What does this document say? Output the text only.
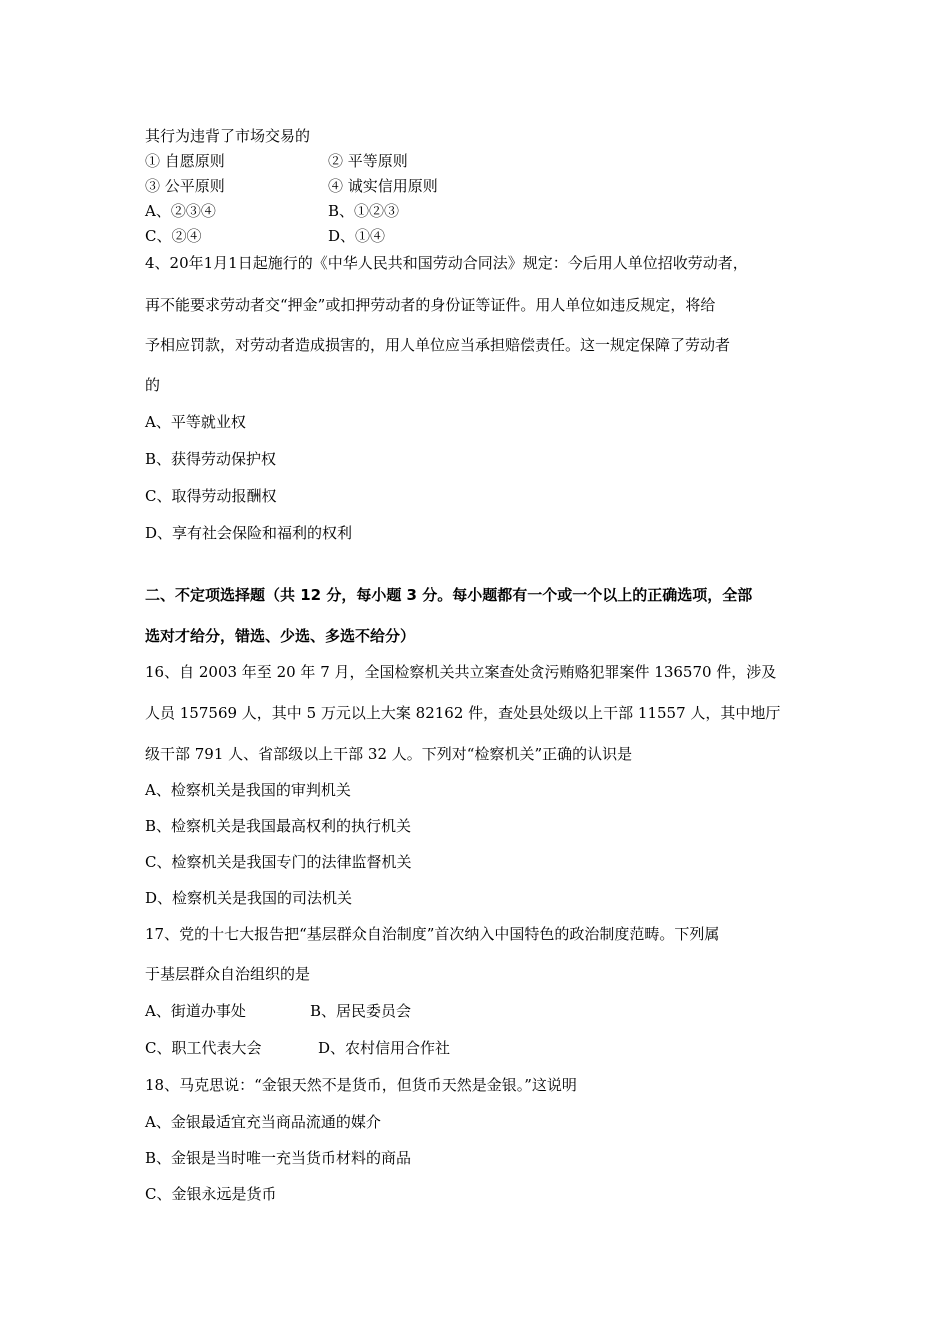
其行为违背了市场交易的
① 自愿原则	② 平等原则
③ 公平原则	④ 诚实信用原则
A、②③④	B、①②③
C、②④	D、①④
4、20年1月1日起施行的《中华人民共和国劳动合同法》规定：今后用人单位招收劳动者，
再不能要求劳动者交“押金”或扣押劳动者的身份证等证件。用人单位如违反规定，将给
予相应罚款，对劳动者造成损害的，用人单位应当承担赔偿责任。这一规定保障了劳动者
的
A、平等就业权
B、获得劳动保护权
C、取得劳动报酬权
D、享有社会保险和福利的权利
二、不定项选择题（共 12 分，每小题 3 分。每小题都有一个或一个以上的正确选项，全部
选对才给分，错选、少选、多选不给分）
16、自 2003 年至 20 年 7 月，全国检察机关共立案查处贪污贿赂犯罪案件 136570 件，涉及
人员 157569 人，其中 5 万元以上大案 82162 件，查处县处级以上干部 11557 人，其中地厅
级干部 791 人、省部级以上干部 32 人。下列对“检察机关”正确的认识是
A、检察机关是我国的审判机关
B、检察机关是我国最高权利的执行机关
C、检察机关是我国专门的法律监督机关
D、检察机关是我国的司法机关
17、党的十七大报告把“基层群众自治制度”首次纳入中国特色的政治制度范畴。下列属
于基层群众自治组织的是
A、街道办事处	B、居民委员会
C、职工代表大会	D、农村信用合作社
18、马克思说：“金银天然不是货币，但货币天然是金银。”这说明
A、金银最适宜充当商品流通的媒介
B、金银是当时唯一充当货币材料的商品
C、金银永远是货币
